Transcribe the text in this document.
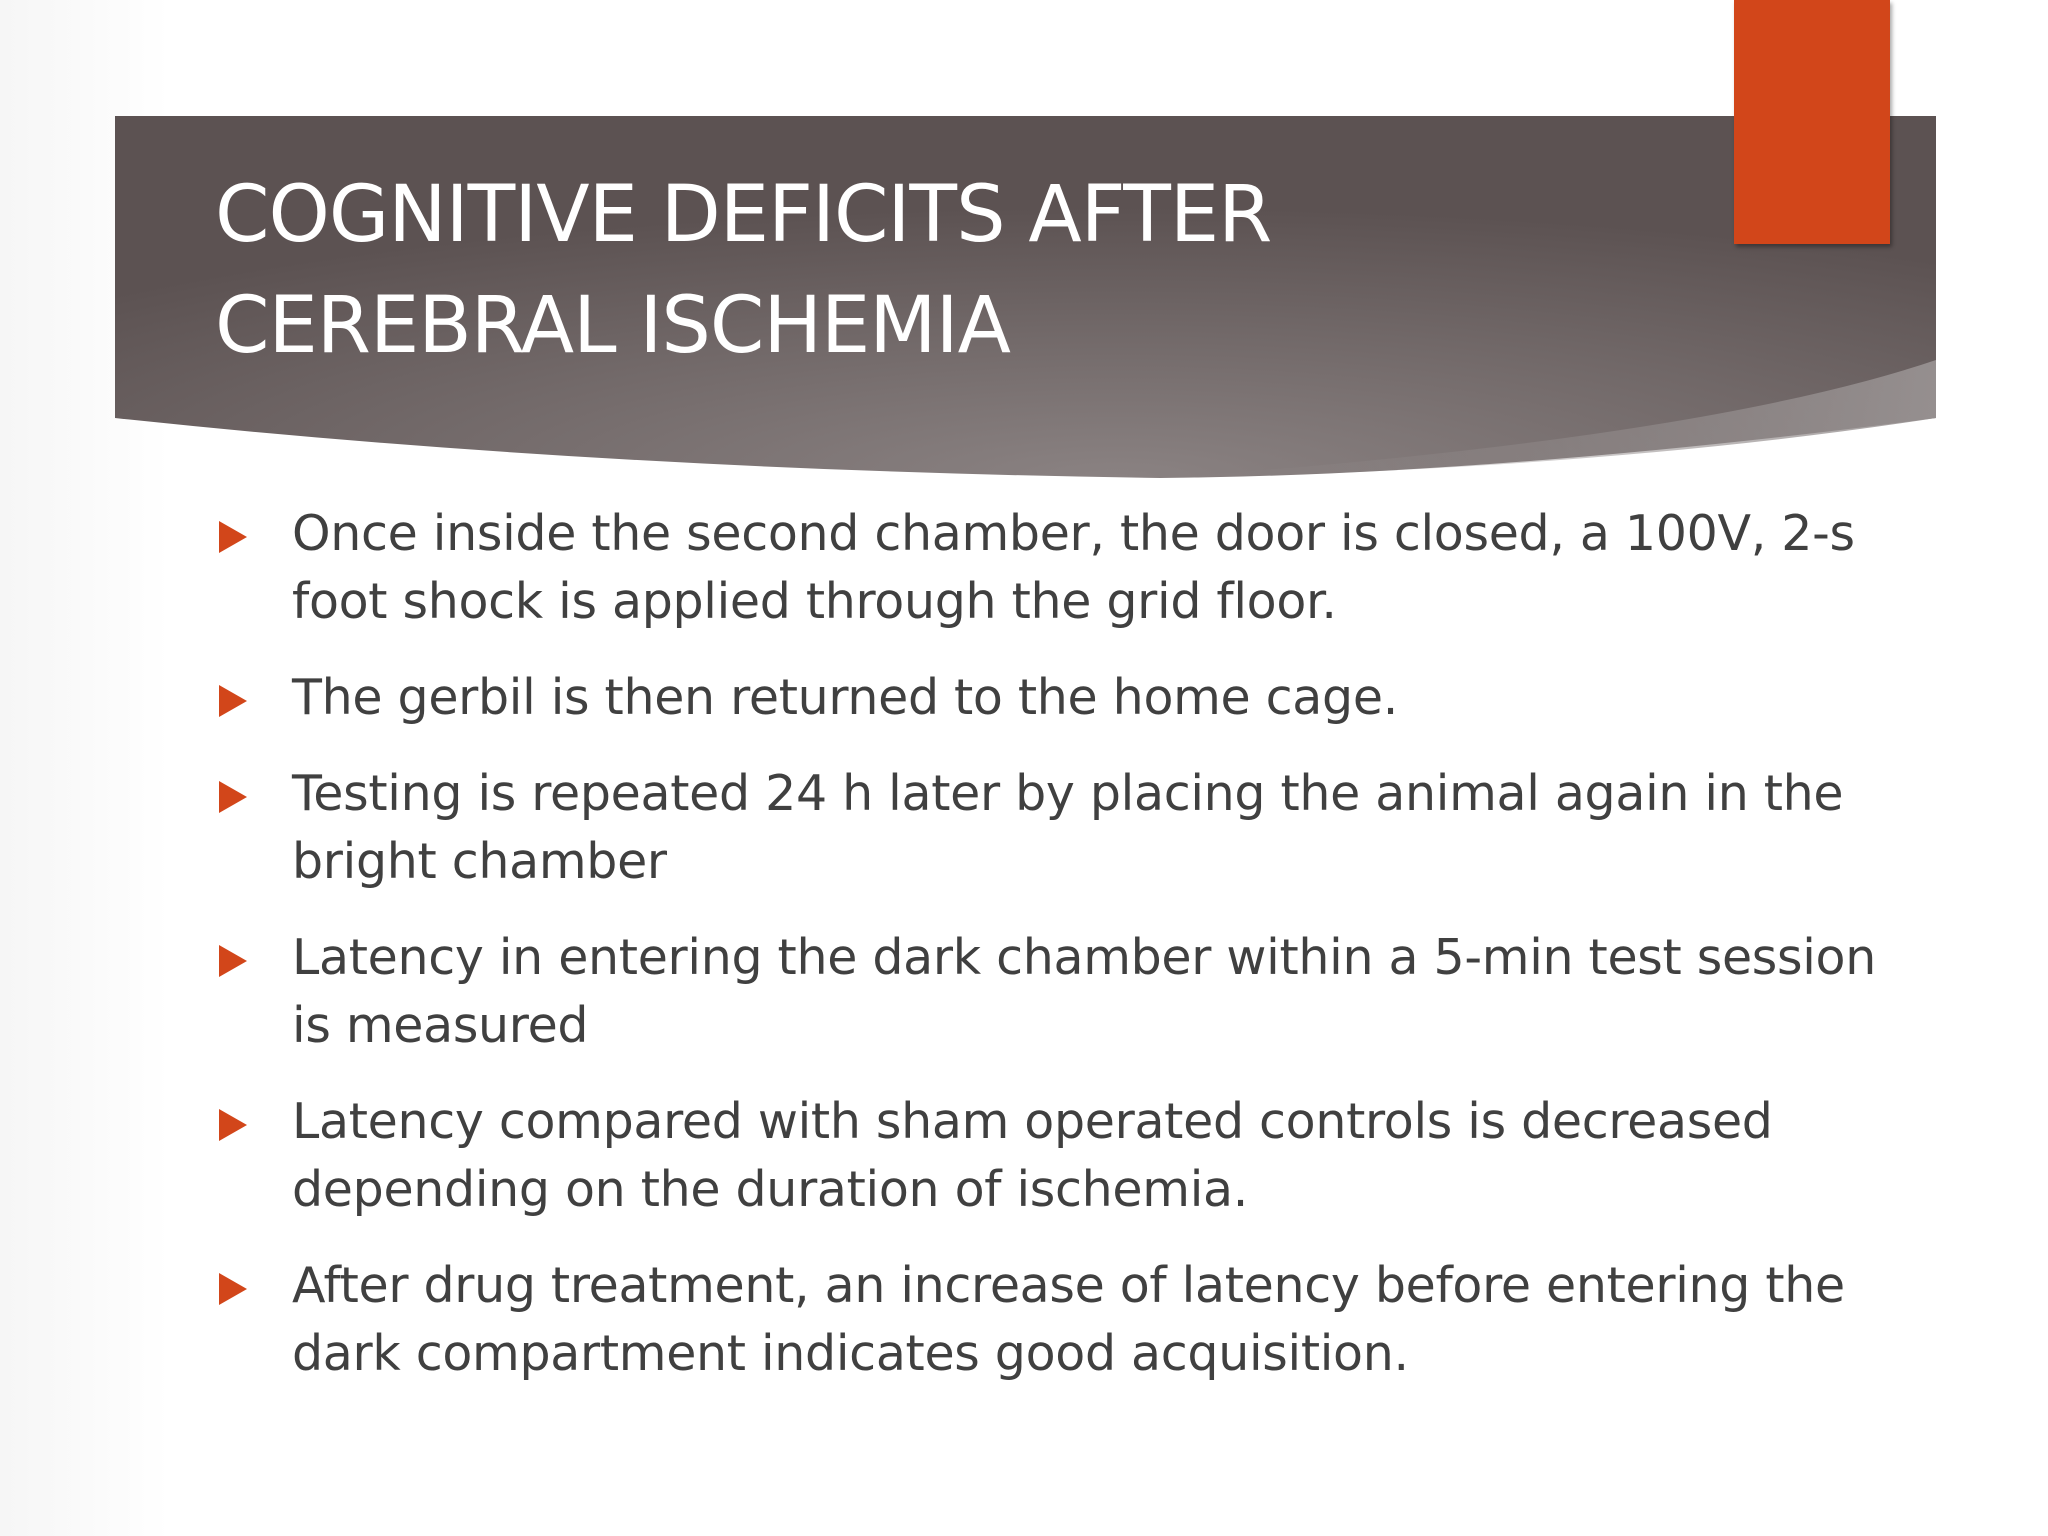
COGNITIVE DEFICITS AFTER
CEREBRAL ISCHEMIA
Once inside the second chamber, the door is closed, a 100V, 2-s foot shock is applied through the grid floor.
The gerbil is then returned to the home cage.
Testing is repeated 24 h later by placing the animal again in the bright chamber
Latency in entering the dark chamber within a 5-min test session is measured
Latency compared with sham operated controls is decreased depending on the duration of ischemia.
After drug treatment, an increase of latency before entering the dark compartment indicates good acquisition.
